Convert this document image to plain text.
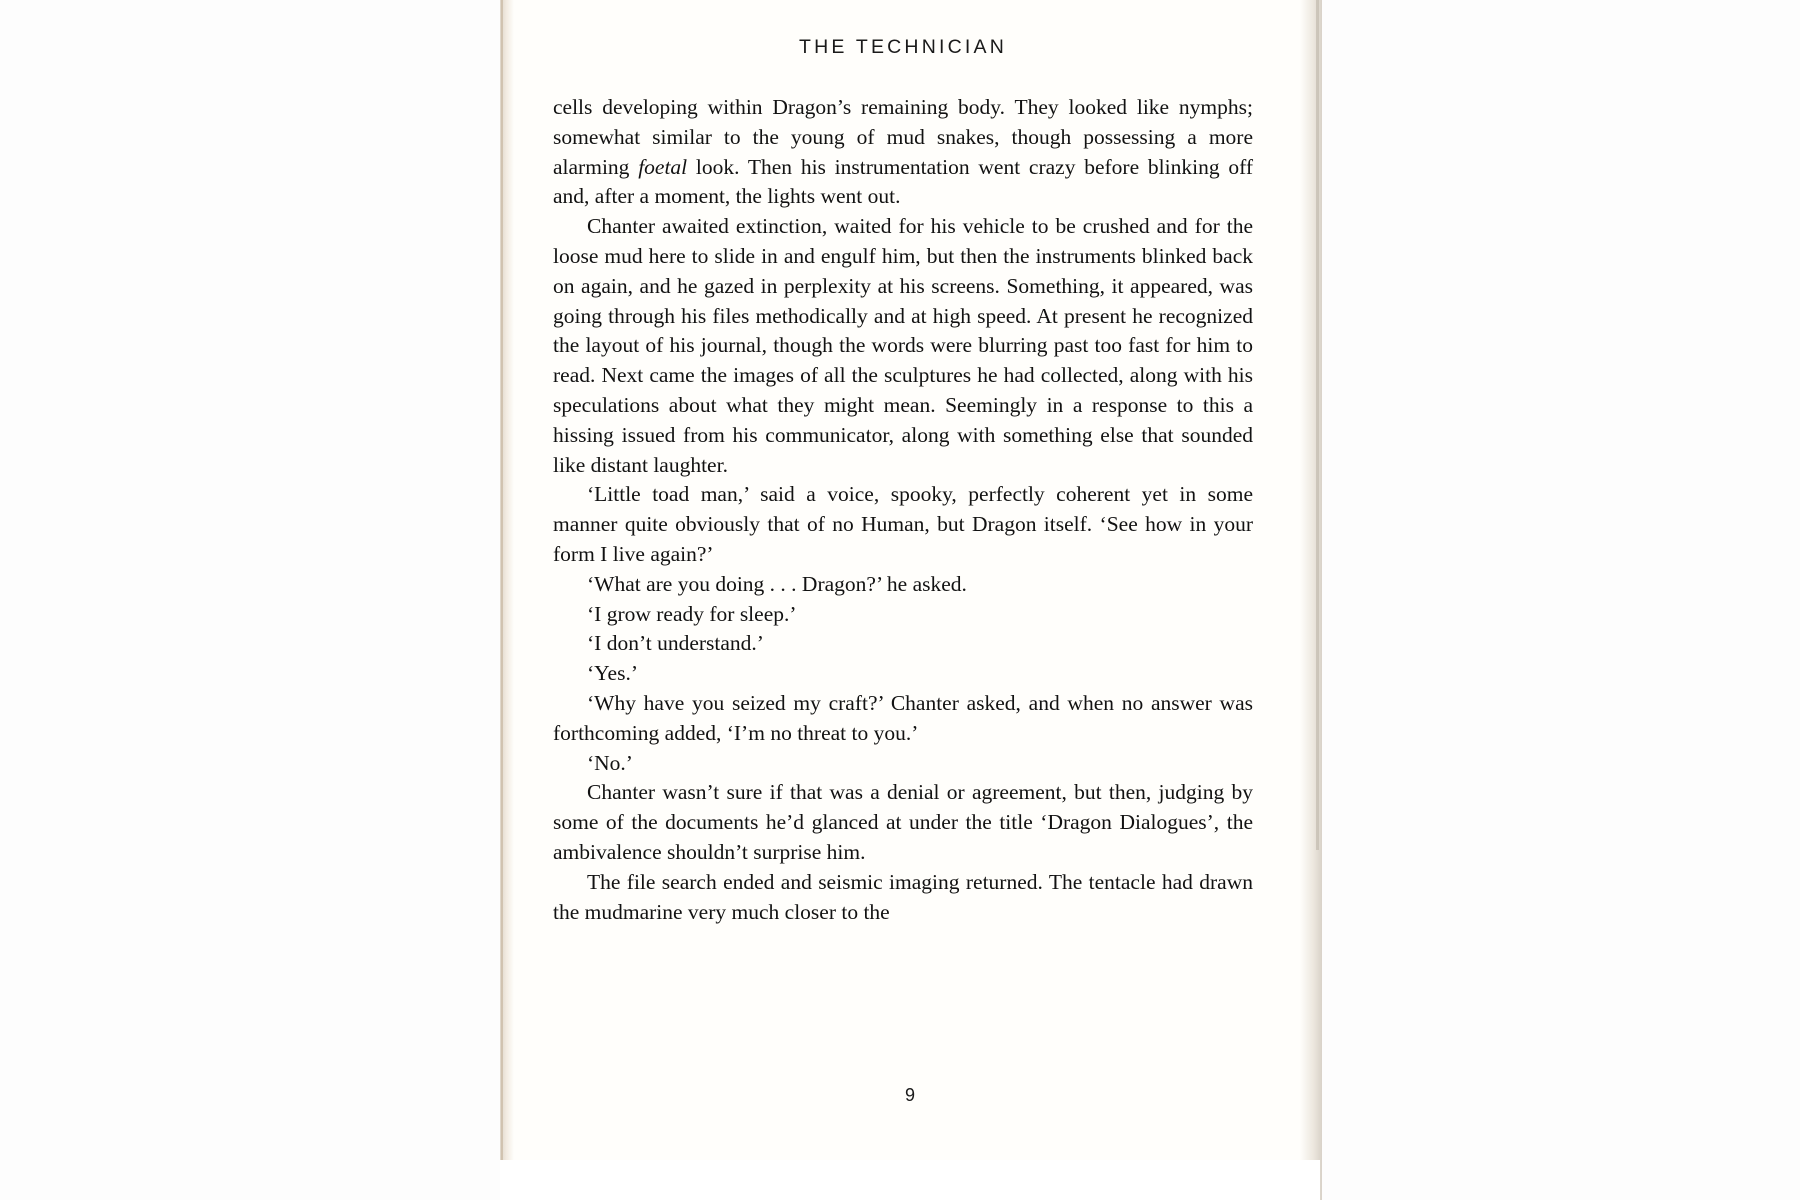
THE TECHNICIAN

cells developing within Dragon’s remaining body. They looked like nymphs; somewhat similar to the young of mud snakes, though possessing a more alarming foetal look. Then his instrumentation went crazy before blinking off and, after a moment, the lights went out.

Chanter awaited extinction, waited for his vehicle to be crushed and for the loose mud here to slide in and engulf him, but then the instruments blinked back on again, and he gazed in perplexity at his screens. Something, it appeared, was going through his files methodically and at high speed. At present he recognized the layout of his journal, though the words were blurring past too fast for him to read. Next came the images of all the sculptures he had collected, along with his speculations about what they might mean. Seemingly in a response to this a hissing issued from his communicator, along with something else that sounded like distant laughter.

‘Little toad man,’ said a voice, spooky, perfectly coherent yet in some manner quite obviously that of no Human, but Dragon itself. ‘See how in your form I live again?’

‘What are you doing . . . Dragon?’ he asked.

‘I grow ready for sleep.’

‘I don’t understand.’

‘Yes.’

‘Why have you seized my craft?’ Chanter asked, and when no answer was forthcoming added, ‘I’m no threat to you.’

‘No.’

Chanter wasn’t sure if that was a denial or agreement, but then, judging by some of the documents he’d glanced at under the title ‘Dragon Dialogues’, the ambivalence shouldn’t surprise him.

The file search ended and seismic imaging returned. The tentacle had drawn the mudmarine very much closer to the

9
